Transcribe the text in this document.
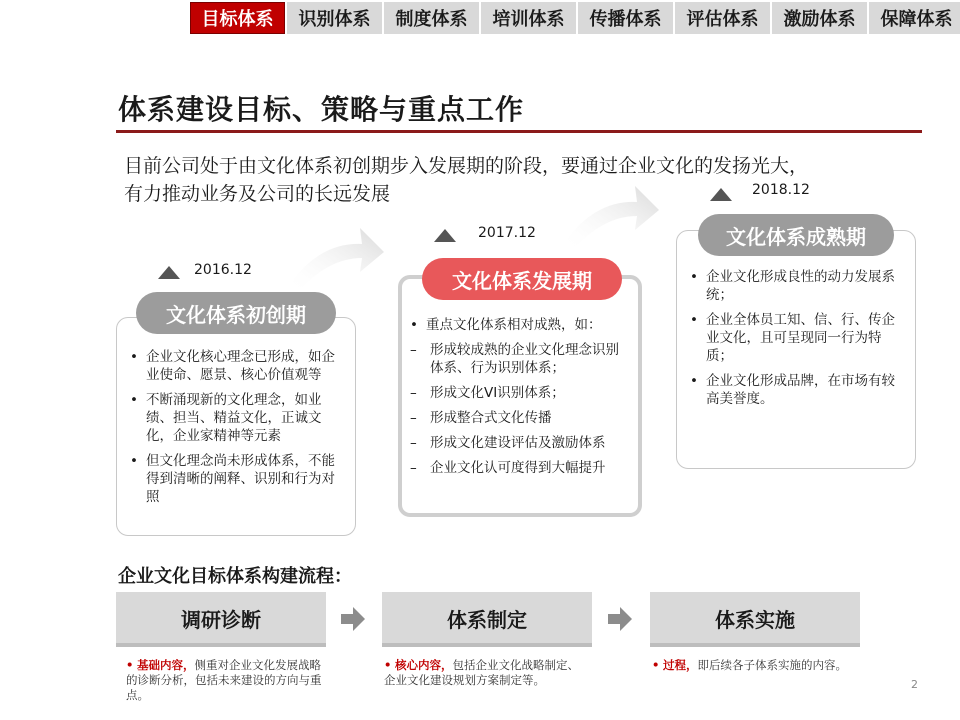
目标体系	识别体系	制度体系	培训体系	传播体系	评估体系	激励体系	保障体系
体系建设目标、策略与重点工作
目前公司处于由文化体系初创期步入发展期的阶段，要通过企业文化的发扬光大，
有力推动业务及公司的长远发展
2016.12
文化体系初创期
• 企业文化核心理念已形成，如企业使命、愿景、核心价值观等
• 不断涌现新的文化理念，如业绩、担当、精益文化，正诚文化，企业家精神等元素
• 但文化理念尚未形成体系，不能得到清晰的阐释、识别和行为对照
2017.12
文化体系发展期
• 重点文化体系相对成熟，如：
– 形成较成熟的企业文化理念识别体系、行为识别体系；
– 形成文化VI识别体系；
– 形成整合式文化传播
– 形成文化建设评估及激励体系
– 企业文化认可度得到大幅提升
2018.12
文化体系成熟期
• 企业文化形成良性的动力发展系统；
• 企业全体员工知、信、行、传企业文化，且可呈现同一行为特质；
• 企业文化形成品牌，在市场有较高美誉度。
企业文化目标体系构建流程：
调研诊断	体系制定	体系实施
• 基础内容，侧重对企业文化发展战略的诊断分析，包括未来建设的方向与重点。
• 核心内容，包括企业文化战略制定、企业文化建设规划方案制定等。
• 过程，即后续各子体系实施的内容。
2
